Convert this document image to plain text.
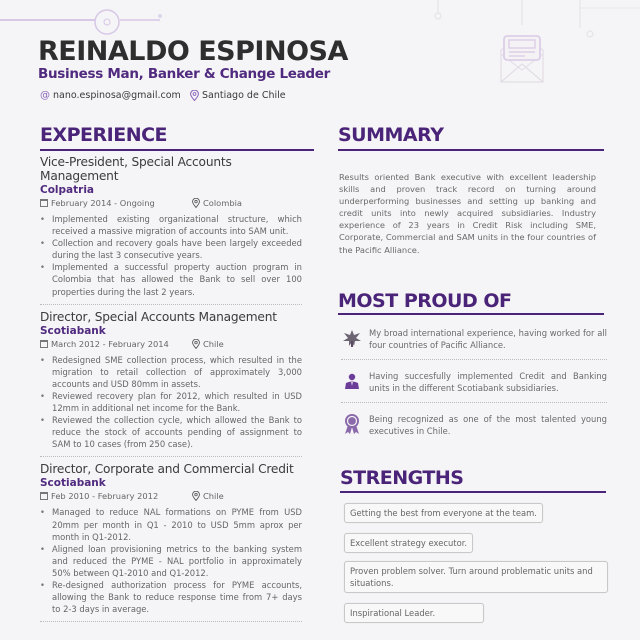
REINALDO ESPINOSA
Business Man, Banker & Change Leader
@ nano.espinosa@gmail.com Santiago de Chile
EXPERIENCE
Vice-President, Special Accounts Management
Colpatria
February 2014 - Ongoing	Colombia
• Implemented existing organizational structure, which received a massive migration of accounts into SAM unit.
• Collection and recovery goals have been largely exceeded during the last 3 consecutive years.
• Implemented a successful property auction program in Colombia that has allowed the Bank to sell over 100 properties during the last 2 years.
Director, Special Accounts Management
Scotiabank
March 2012 - February 2014	Chile
• Redesigned SME collection process, which resulted in the migration to retail collection of approximately 3,000 accounts and USD 80mm in assets.
• Reviewed recovery plan for 2012, which resulted in USD 12mm in additional net income for the Bank.
• Reviewed the collection cycle, which allowed the Bank to reduce the stock of accounts pending of assignment to SAM to 10 cases (from 250 case).
Director, Corporate and Commercial Credit
Scotiabank
Feb 2010 - February 2012	Chile
• Managed to reduce NAL formations on PYME from USD 20mm per month in Q1 - 2010 to USD 5mm aprox per month in Q1-2012.
• Aligned loan provisioning metrics to the banking system and reduced the PYME - NAL portfolio in approximately 50% between Q1-2010 and Q1-2012.
• Re-designed authorization process for PYME accounts, allowing the Bank to reduce response time from 7+ days to 2-3 days in average.
SUMMARY
Results oriented Bank executive with excellent leadership skills and proven track record on turning around underperforming businesses and setting up banking and credit units into newly acquired subsidiaries. Industry experience of 23 years in Credit Risk including SME, Corporate, Commercial and SAM units in the four countries of the Pacific Alliance.
MOST PROUD OF
My broad international experience, having worked for all four countries of Pacific Alliance.
Having succesfully implemented Credit and Banking units in the different Scotiabank subsidiaries.
Being recognized as one of the most talented young executives in Chile.
STRENGTHS
Getting the best from everyone at the team.
Excellent strategy executor.
Proven problem solver. Turn around problematic units and situations.
Inspirational Leader.
